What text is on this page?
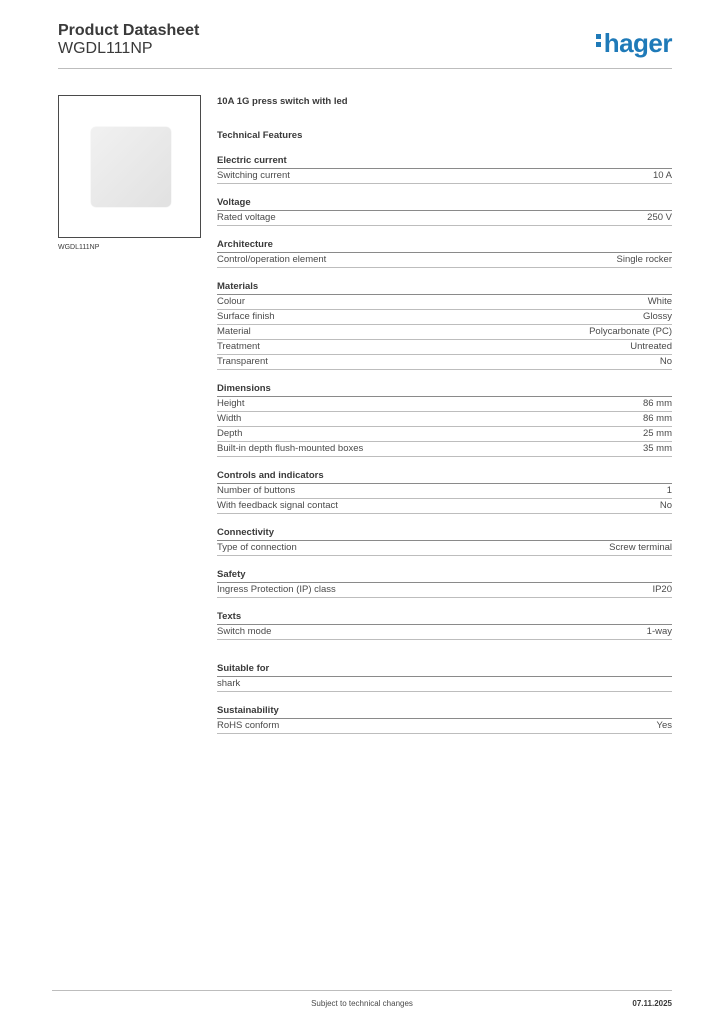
Product Datasheet
WGDL111NP	hager
WGDL111NP
10A 1G press switch with led
Technical Features
Electric current
Switching current	10 A
Voltage
Rated voltage	250 V
Architecture
Control/operation element	Single rocker
Materials
Colour	White
Surface finish	Glossy
Material	Polycarbonate (PC)
Treatment	Untreated
Transparent	No
Dimensions
Height	86 mm
Width	86 mm
Depth	25 mm
Built-in depth flush-mounted boxes	35 mm
Controls and indicators
Number of buttons	1
With feedback signal contact	No
Connectivity
Type of connection	Screw terminal
Safety
Ingress Protection (IP) class	IP20
Texts
Switch mode	1-way
Suitable for
shark
Sustainability
RoHS conform	Yes
Subject to technical changes	07.11.2025
